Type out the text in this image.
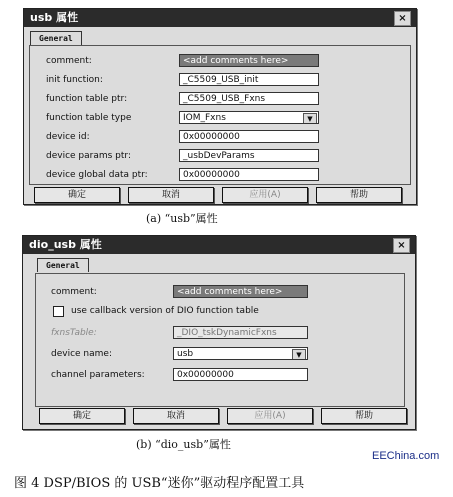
usb 属性	×
General
comment:	<add comments here>
init function:	_C5509_USB_init
function table ptr:	_C5509_USB_Fxns
function table type	IOM_Fxns	▼
device id:	0x00000000
device params ptr:	_usbDevParams
device global data ptr:	0x00000000
确定	取消	应用(A)	帮助
(a) “usb”属性
dio_usb 属性	×
General
comment:	<add comments here>
use callback version of DIO function table
fxnsTable:	_DIO_tskDynamicFxns
device name:	usb	▼
channel parameters:	0x00000000
确定	取消	应用(A)	帮助
(b) “dio_usb”属性
EEChina.com
图 4 DSP/BIOS 的 USB“迷你”驱动程序配置工具
